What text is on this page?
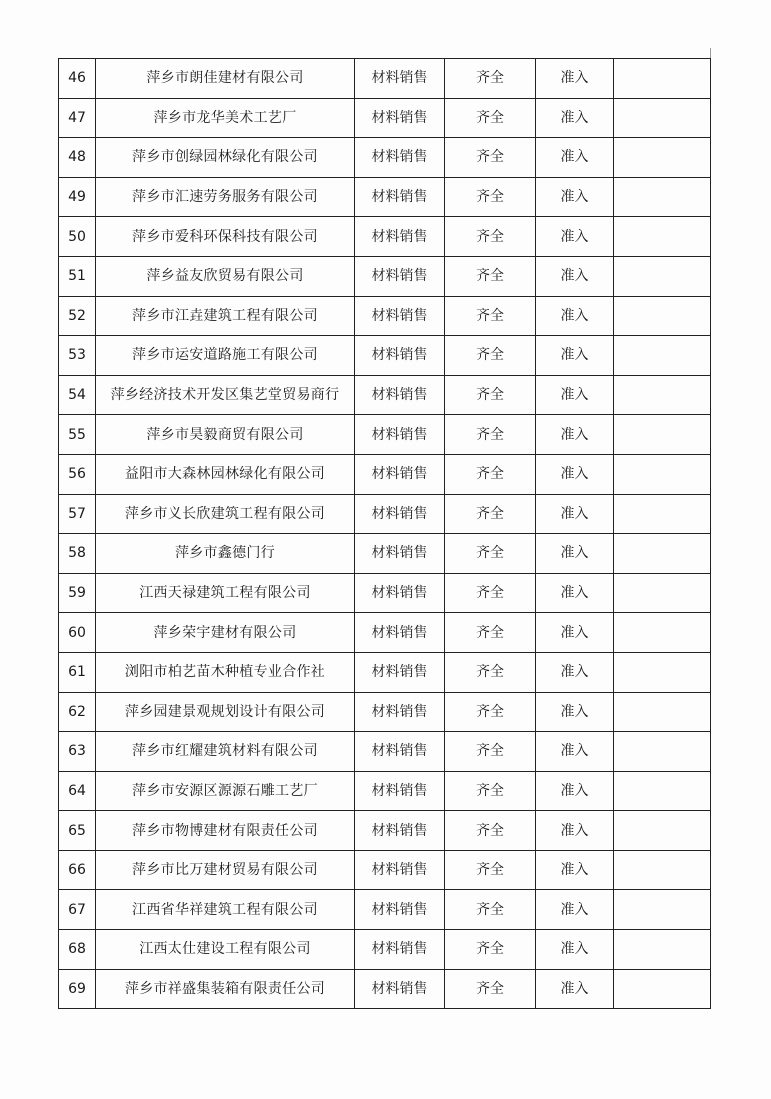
46	萍乡市朗佳建材有限公司	材料销售	齐全	准入	
47	萍乡市龙华美术工艺厂	材料销售	齐全	准入	
48	萍乡市创绿园林绿化有限公司	材料销售	齐全	准入	
49	萍乡市汇速劳务服务有限公司	材料销售	齐全	准入	
50	萍乡市爱科环保科技有限公司	材料销售	齐全	准入	
51	萍乡益友欣贸易有限公司	材料销售	齐全	准入	
52	萍乡市江垚建筑工程有限公司	材料销售	齐全	准入	
53	萍乡市运安道路施工有限公司	材料销售	齐全	准入	
54	萍乡经济技术开发区集艺堂贸易商行	材料销售	齐全	准入	
55	萍乡市昊毅商贸有限公司	材料销售	齐全	准入	
56	益阳市大森林园林绿化有限公司	材料销售	齐全	准入	
57	萍乡市义长欣建筑工程有限公司	材料销售	齐全	准入	
58	萍乡市鑫德门行	材料销售	齐全	准入	
59	江西天禄建筑工程有限公司	材料销售	齐全	准入	
60	萍乡荣宇建材有限公司	材料销售	齐全	准入	
61	浏阳市柏艺苗木种植专业合作社	材料销售	齐全	准入	
62	萍乡园建景观规划设计有限公司	材料销售	齐全	准入	
63	萍乡市红耀建筑材料有限公司	材料销售	齐全	准入	
64	萍乡市安源区源源石雕工艺厂	材料销售	齐全	准入	
65	萍乡市物博建材有限责任公司	材料销售	齐全	准入	
66	萍乡市比万建材贸易有限公司	材料销售	齐全	准入	
67	江西省华祥建筑工程有限公司	材料销售	齐全	准入	
68	江西太仕建设工程有限公司	材料销售	齐全	准入	
69	萍乡市祥盛集装箱有限责任公司	材料销售	齐全	准入	
